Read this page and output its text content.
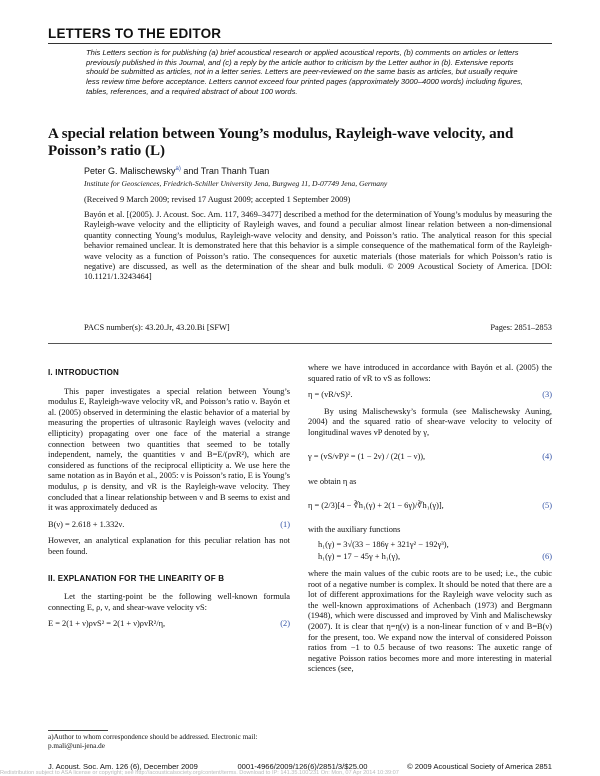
LETTERS TO THE EDITOR
This Letters section is for publishing (a) brief acoustical research or applied acoustical reports, (b) comments on articles or letters previously published in this Journal, and (c) a reply by the article author to criticism by the Letter author in (b). Extensive reports should be submitted as articles, not in a letter series. Letters are peer-reviewed on the same basis as articles, but usually require less review time before acceptance. Letters cannot exceed four printed pages (approximately 3000–4000 words) including figures, tables, references, and a required abstract of about 100 words.
A special relation between Young’s modulus, Rayleigh-wave velocity, and Poisson’s ratio (L)
Peter G. Malischewsky$^{a)}$ and Tran Thanh Tuan
Institute for Geosciences, Friedrich-Schiller University Jena, Burgweg 11, D-07749 Jena, Germany
(Received 9 March 2009; revised 17 August 2009; accepted 1 September 2009)
Bayón et al. [(2005). J. Acoust. Soc. Am. 117, 3469–3477] described a method for the determination of Young’s modulus by measuring the Rayleigh-wave velocity and the ellipticity of Rayleigh waves, and found a peculiar almost linear relation between a non-dimensional quantity connecting Young’s modulus, Rayleigh-wave velocity and density, and Poisson’s ratio. The analytical reason for this special behavior remained unclear. It is demonstrated here that this behavior is a simple consequence of the mathematical form of the Rayleigh-wave velocity as a function of Poisson’s ratio. The consequences for auxetic materials (those materials for which Poisson’s ratio is negative) are discussed, as well as the determination of the shear and bulk moduli. © 2009 Acoustical Society of America. [DOI: 10.1121/1.3243464]
PACS number(s): 43.20.Jr, 43.20.Bi [SFW]	Pages: 2851–2853
I. INTRODUCTION

This paper investigates a special relation between Young’s modulus E, Rayleigh-wave velocity vR, and Poisson’s ratio ν. Bayón et al. (2005) observed in determining the elastic behavior of a material by measuring the properties of ultrasonic Rayleigh waves (velocity and ellipticity) propagating over one face of the material a strange connection between two quantities that seemed to be totally independent, namely, the quantities ν and B=E/(ρvR²), which are considered as functions of the reciprocal ellipticity a. We use here the same notation as in Bayón et al., 2005: ν is Poisson’s ratio, E is Young’s modulus, ρ is density, and vR is the Rayleigh-wave velocity. They concluded that a linear relationship between ν and B seems to exist and it was approximately deduced as

B(ν) = 2.618 + 1.332ν.	(1)

However, an analytical explanation for this peculiar relation has not been found.

II. EXPLANATION FOR THE LINEARITY OF B

Let the starting-point be the following well-known formula connecting E, ρ, ν, and shear-wave velocity vS:

E = 2(1 + ν)ρvS² = 2(1 + ν)ρvR²/η,	(2)

where we have introduced in accordance with Bayón et al. (2005) the squared ratio of vR to vS as follows:

η = (vR/vS)².	(3)

By using Malischewsky’s formula (see Malischewsky Auning, 2004) and the squared ratio of shear-wave velocity to velocity of longitudinal waves vP denoted by γ,

γ = (vS/vP)² = (1 − 2ν) / (2(1 − ν)),	(4)

we obtain η as

η = (2/3)[4 − ∛h₁(γ) + 2(1 − 6γ)/∛h₁(γ)],	(5)

with the auxiliary functions

h₁(γ) = 3√(33 − 186γ + 321γ² − 192γ³),
h₁(γ) = 17 − 45γ + h₁(γ),	(6)

where the main values of the cubic roots are to be used; i.e., the cubic root of a negative number is complex. It should be noted that there are a lot of different approximations for the Rayleigh wave velocity such as the well-known approximations of Achenbach (1973) and Bergmann (1948), which were discussed and improved by Vinh and Malischewsky (2007). It is clear that η=η(ν) is a non-linear function of ν and B=B(ν) for the present, too. We expand now the interval of considered Poisson ratios from −1 to 0.5 because of two reasons: The auxetic range of negative Poisson ratios becomes more and more interesting in material sciences (see,

a)Author to whom correspondence should be addressed. Electronic mail: p.mali@uni-jena.de
J. Acoust. Soc. Am. 126 (6), December 2009	0001-4966/2009/126(6)/2851/3/$25.00	© 2009 Acoustical Society of America 2851
Redistribution subject to ASA license or copyright; see http://acousticalsociety.org/content/terms. Download to IP: 141.35.100.231 On: Mon, 07 Apr 2014 10:39:07
